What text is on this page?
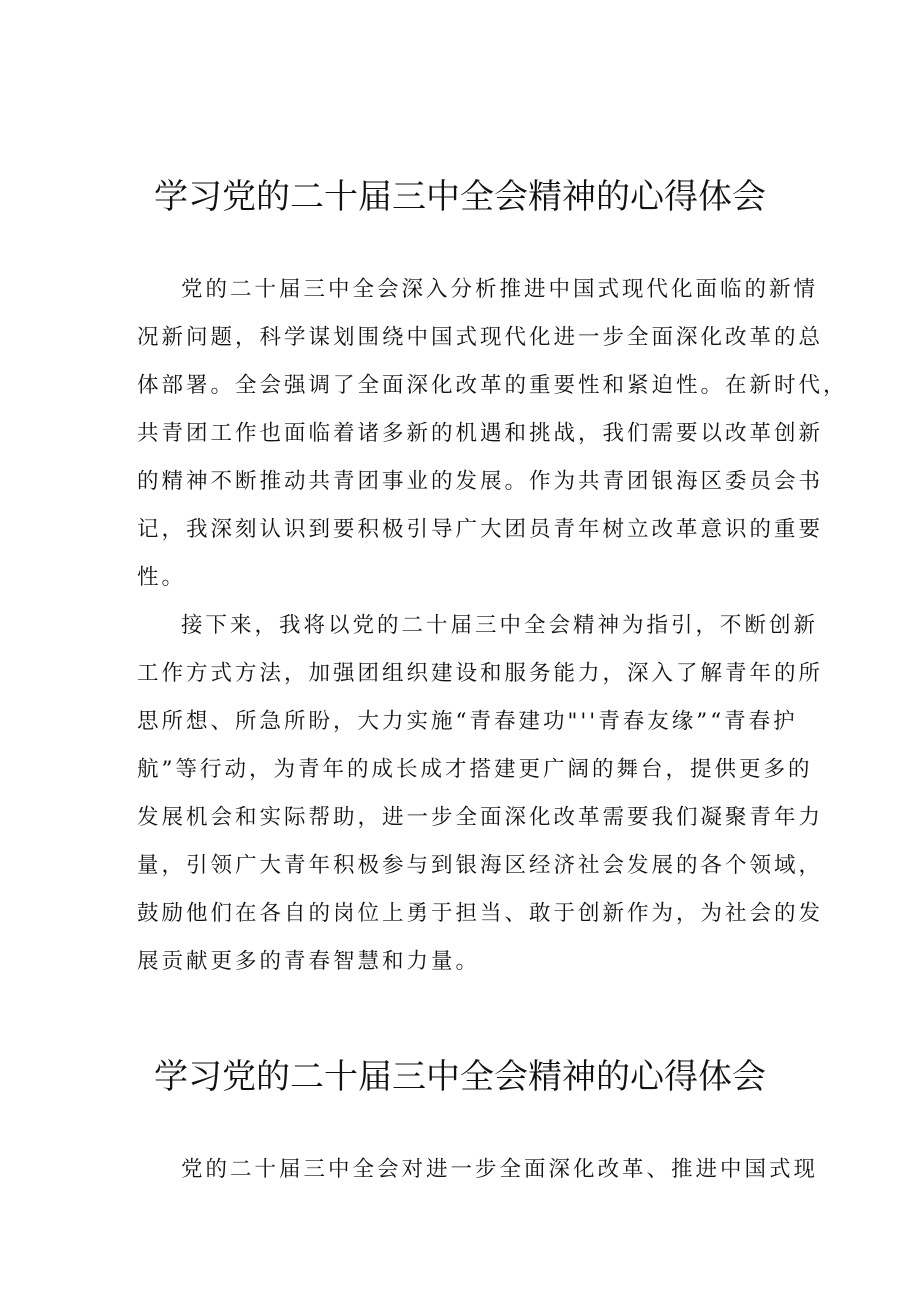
学习党的二十届三中全会精神的心得体会
党的二十届三中全会深入分析推进中国式现代化面临的新情
况新问题，科学谋划围绕中国式现代化进一步全面深化改革的总
体部署。全会强调了全面深化改革的重要性和紧迫性。在新时代，
共青团工作也面临着诸多新的机遇和挑战，我们需要以改革创新
的精神不断推动共青团事业的发展。作为共青团银海区委员会书
记，我深刻认识到要积极引导广大团员青年树立改革意识的重要
性。
接下来，我将以党的二十届三中全会精神为指引，不断创新
工作方式方法，加强团组织建设和服务能力，深入了解青年的所
思所想、所急所盼，大力实施“青春建功"''青春友缘”“青春护
航”等行动，为青年的成长成才搭建更广阔的舞台，提供更多的
发展机会和实际帮助，进一步全面深化改革需要我们凝聚青年力
量，引领广大青年积极参与到银海区经济社会发展的各个领域，
鼓励他们在各自的岗位上勇于担当、敢于创新作为，为社会的发
展贡献更多的青春智慧和力量。
学习党的二十届三中全会精神的心得体会
党的二十届三中全会对进一步全面深化改革、推进中国式现
